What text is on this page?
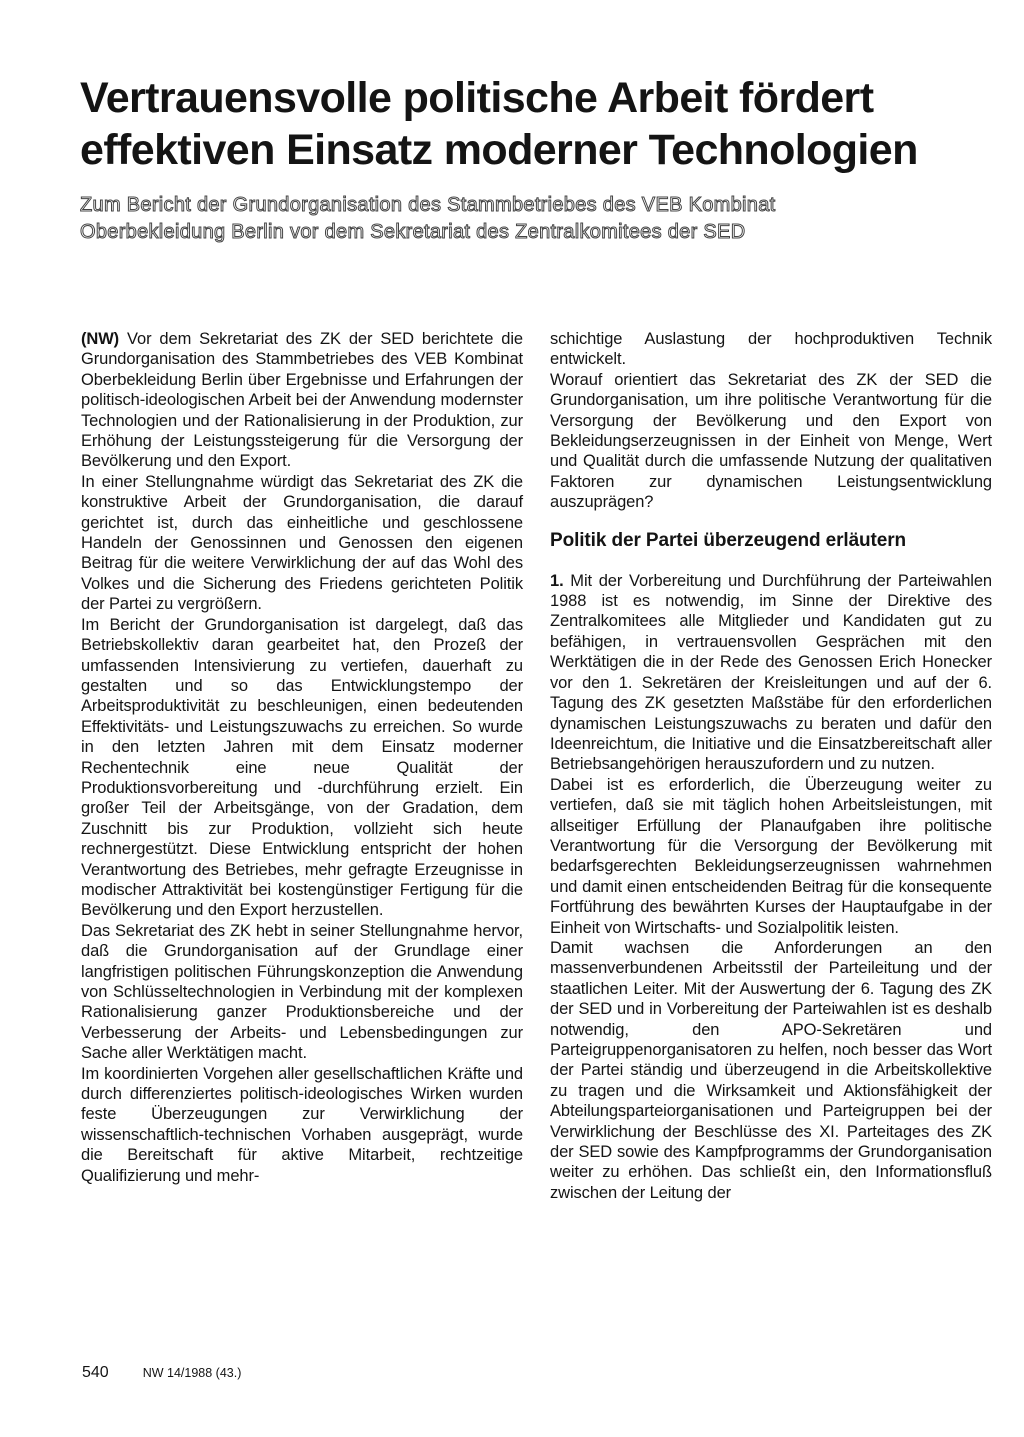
Vertrauensvolle politische Arbeit fördert
effektiven Einsatz moderner Technologien
Zum Bericht der Grundorganisation des Stammbetriebes des VEB Kombinat
Oberbekleidung Berlin vor dem Sekretariat des Zentralkomitees der SED

(NW) Vor dem Sekretariat des ZK der SED berichtete die Grundorganisation des Stammbetriebes des VEB Kombinat Oberbekleidung Berlin über Ergebnisse und Erfahrungen der politisch-ideologischen Arbeit bei der Anwendung modernster Technologien und der Rationalisierung in der Produktion, zur Erhöhung der Leistungssteigerung für die Versorgung der Bevölkerung und den Export.

In einer Stellungnahme würdigt das Sekretariat des ZK die konstruktive Arbeit der Grundorganisation, die darauf gerichtet ist, durch das einheitliche und geschlossene Handeln der Genossinnen und Genossen den eigenen Beitrag für die weitere Verwirklichung der auf das Wohl des Volkes und die Sicherung des Friedens gerichteten Politik der Partei zu vergrößern.

Im Bericht der Grundorganisation ist dargelegt, daß das Betriebskollektiv daran gearbeitet hat, den Prozeß der umfassenden Intensivierung zu vertiefen, dauerhaft zu gestalten und so das Entwicklungstempo der Arbeitsproduktivität zu beschleunigen, einen bedeutenden Effektivitäts- und Leistungszuwachs zu erreichen. So wurde in den letzten Jahren mit dem Einsatz moderner Rechentechnik eine neue Qualität der Produktionsvorbereitung und -durchführung erzielt. Ein großer Teil der Arbeitsgänge, von der Gradation, dem Zuschnitt bis zur Produktion, vollzieht sich heute rechnergestützt. Diese Entwicklung entspricht der hohen Verantwortung des Betriebes, mehr gefragte Erzeugnisse in modischer Attraktivität bei kostengünstiger Fertigung für die Bevölkerung und den Export herzustellen.

Das Sekretariat des ZK hebt in seiner Stellungnahme hervor, daß die Grundorganisation auf der Grundlage einer langfristigen politischen Führungskonzeption die Anwendung von Schlüsseltechnologien in Verbindung mit der komplexen Rationalisierung ganzer Produktionsbereiche und der Verbesserung der Arbeits- und Lebensbedingungen zur Sache aller Werktätigen macht.

Im koordinierten Vorgehen aller gesellschaftlichen Kräfte und durch differenziertes politisch-ideologisches Wirken wurden feste Überzeugungen zur Verwirklichung der wissenschaftlich-technischen Vorhaben ausgeprägt, wurde die Bereitschaft für aktive Mitarbeit, rechtzeitige Qualifizierung und mehr-

schichtige Auslastung der hochproduktiven Technik entwickelt.

Worauf orientiert das Sekretariat des ZK der SED die Grundorganisation, um ihre politische Verantwortung für die Versorgung der Bevölkerung und den Export von Bekleidungserzeugnissen in der Einheit von Menge, Wert und Qualität durch die umfassende Nutzung der qualitativen Faktoren zur dynamischen Leistungsentwicklung auszuprägen?

Politik der Partei überzeugend erläutern

1. Mit der Vorbereitung und Durchführung der Parteiwahlen 1988 ist es notwendig, im Sinne der Direktive des Zentralkomitees alle Mitglieder und Kandidaten gut zu befähigen, in vertrauensvollen Gesprächen mit den Werktätigen die in der Rede des Genossen Erich Honecker vor den 1. Sekretären der Kreisleitungen und auf der 6. Tagung des ZK gesetzten Maßstäbe für den erforderlichen dynamischen Leistungszuwachs zu beraten und dafür den Ideenreichtum, die Initiative und die Einsatzbereitschaft aller Betriebsangehörigen herauszufordern und zu nutzen.

Dabei ist es erforderlich, die Überzeugung weiter zu vertiefen, daß sie mit täglich hohen Arbeitsleistungen, mit allseitiger Erfüllung der Planaufgaben ihre politische Verantwortung für die Versorgung der Bevölkerung mit bedarfsgerechten Bekleidungserzeugnissen wahrnehmen und damit einen entscheidenden Beitrag für die konsequente Fortführung des bewährten Kurses der Hauptaufgabe in der Einheit von Wirtschafts- und Sozialpolitik leisten.

Damit wachsen die Anforderungen an den massenverbundenen Arbeitsstil der Parteileitung und der staatlichen Leiter. Mit der Auswertung der 6. Tagung des ZK der SED und in Vorbereitung der Parteiwahlen ist es deshalb notwendig, den APO-Sekretären und Parteigruppenorganisatoren zu helfen, noch besser das Wort der Partei ständig und überzeugend in die Arbeitskollektive zu tragen und die Wirksamkeit und Aktionsfähigkeit der Abteilungsparteiorganisationen und Parteigruppen bei der Verwirklichung der Beschlüsse des XI. Parteitages des ZK der SED sowie des Kampfprogramms der Grundorganisation weiter zu erhöhen. Das schließt ein, den Informationsfluß zwischen der Leitung der

540	NW 14/1988 (43.)
